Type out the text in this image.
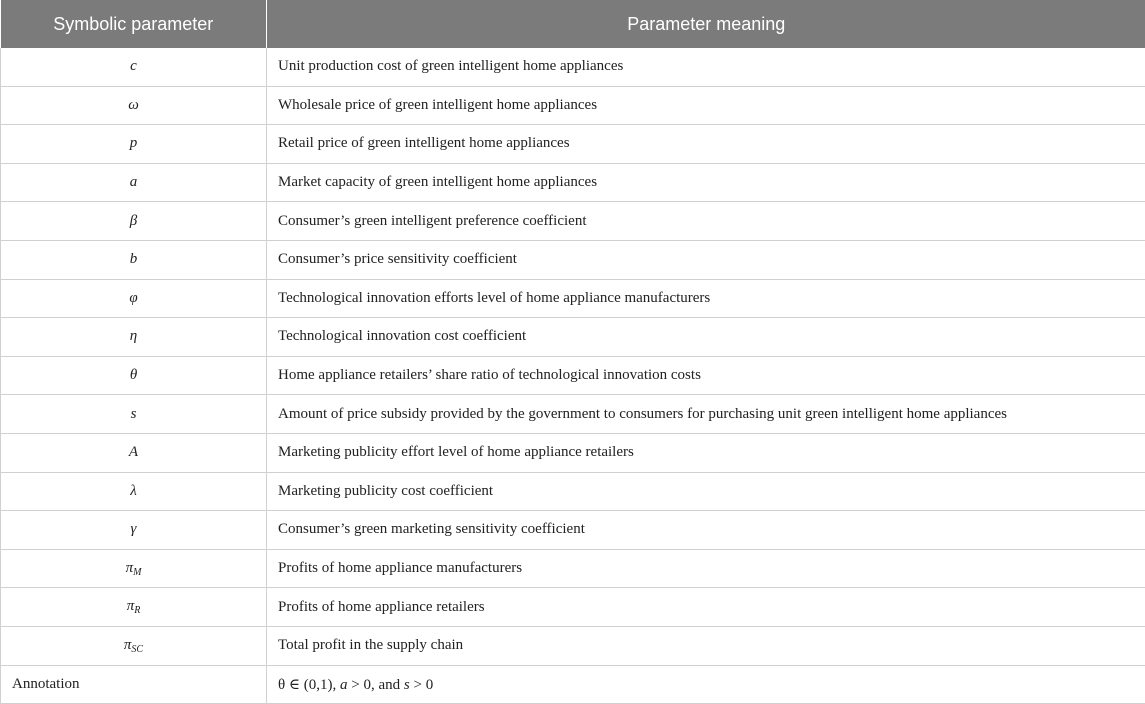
Symbolic parameter	Parameter meaning
c	Unit production cost of green intelligent home appliances
ω	Wholesale price of green intelligent home appliances
p	Retail price of green intelligent home appliances
a	Market capacity of green intelligent home appliances
β	Consumer’s green intelligent preference coefficient
b	Consumer’s price sensitivity coefficient
φ	Technological innovation efforts level of home appliance manufacturers
η	Technological innovation cost coefficient
θ	Home appliance retailers’ share ratio of technological innovation costs
s	Amount of price subsidy provided by the government to consumers for purchasing unit green intelligent home appliances
A	Marketing publicity effort level of home appliance retailers
λ	Marketing publicity cost coefficient
γ	Consumer’s green marketing sensitivity coefficient
$\pi_M$	Profits of home appliance manufacturers
$\pi_R$	Profits of home appliance retailers
$\pi_{SC}$	Total profit in the supply chain
Annotation	θ ∈ (0,1), a > 0, and s > 0
